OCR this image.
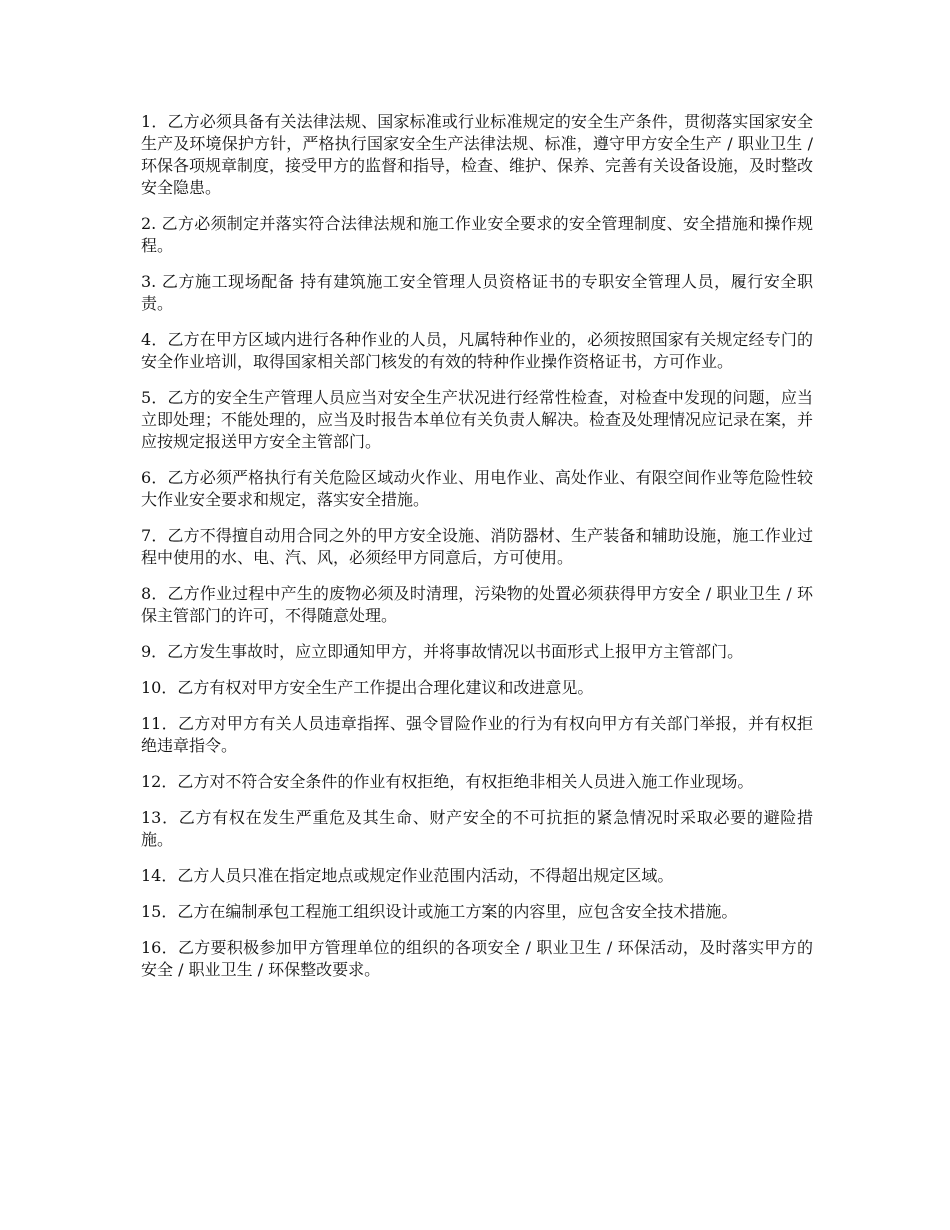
1．乙方必须具备有关法律法规、国家标准或行业标准规定的安全生产条件，贯彻落实国家安全生产及环境保护方针，严格执行国家安全生产法律法规、标准，遵守甲方安全生产 / 职业卫生 / 环保各项规章制度，接受甲方的监督和指导，检查、维护、保养、完善有关设备设施，及时整改安全隐患。

2. 乙方必须制定并落实符合法律法规和施工作业安全要求的安全管理制度、安全措施和操作规程。

3. 乙方施工现场配备 持有建筑施工安全管理人员资格证书的专职安全管理人员，履行安全职责。

4．乙方在甲方区域内进行各种作业的人员，凡属特种作业的，必须按照国家有关规定经专门的安全作业培训，取得国家相关部门核发的有效的特种作业操作资格证书，方可作业。

5．乙方的安全生产管理人员应当对安全生产状况进行经常性检查，对检查中发现的问题，应当立即处理；不能处理的，应当及时报告本单位有关负责人解决。检查及处理情况应记录在案，并应按规定报送甲方安全主管部门。

6．乙方必须严格执行有关危险区域动火作业、用电作业、高处作业、有限空间作业等危险性较大作业安全要求和规定，落实安全措施。

7．乙方不得擅自动用合同之外的甲方安全设施、消防器材、生产装备和辅助设施，施工作业过程中使用的水、电、汽、风，必须经甲方同意后，方可使用。

8．乙方作业过程中产生的废物必须及时清理，污染物的处置必须获得甲方安全 / 职业卫生 / 环保主管部门的许可，不得随意处理。

9．乙方发生事故时，应立即通知甲方，并将事故情况以书面形式上报甲方主管部门。

10．乙方有权对甲方安全生产工作提出合理化建议和改进意见。

11．乙方对甲方有关人员违章指挥、强令冒险作业的行为有权向甲方有关部门举报，并有权拒绝违章指令。

12．乙方对不符合安全条件的作业有权拒绝，有权拒绝非相关人员进入施工作业现场。

13．乙方有权在发生严重危及其生命、财产安全的不可抗拒的紧急情况时采取必要的避险措施。

14．乙方人员只准在指定地点或规定作业范围内活动，不得超出规定区域。

15．乙方在编制承包工程施工组织设计或施工方案的内容里，应包含安全技术措施。

16．乙方要积极参加甲方管理单位的组织的各项安全 / 职业卫生 / 环保活动，及时落实甲方的安全 / 职业卫生 / 环保整改要求。
